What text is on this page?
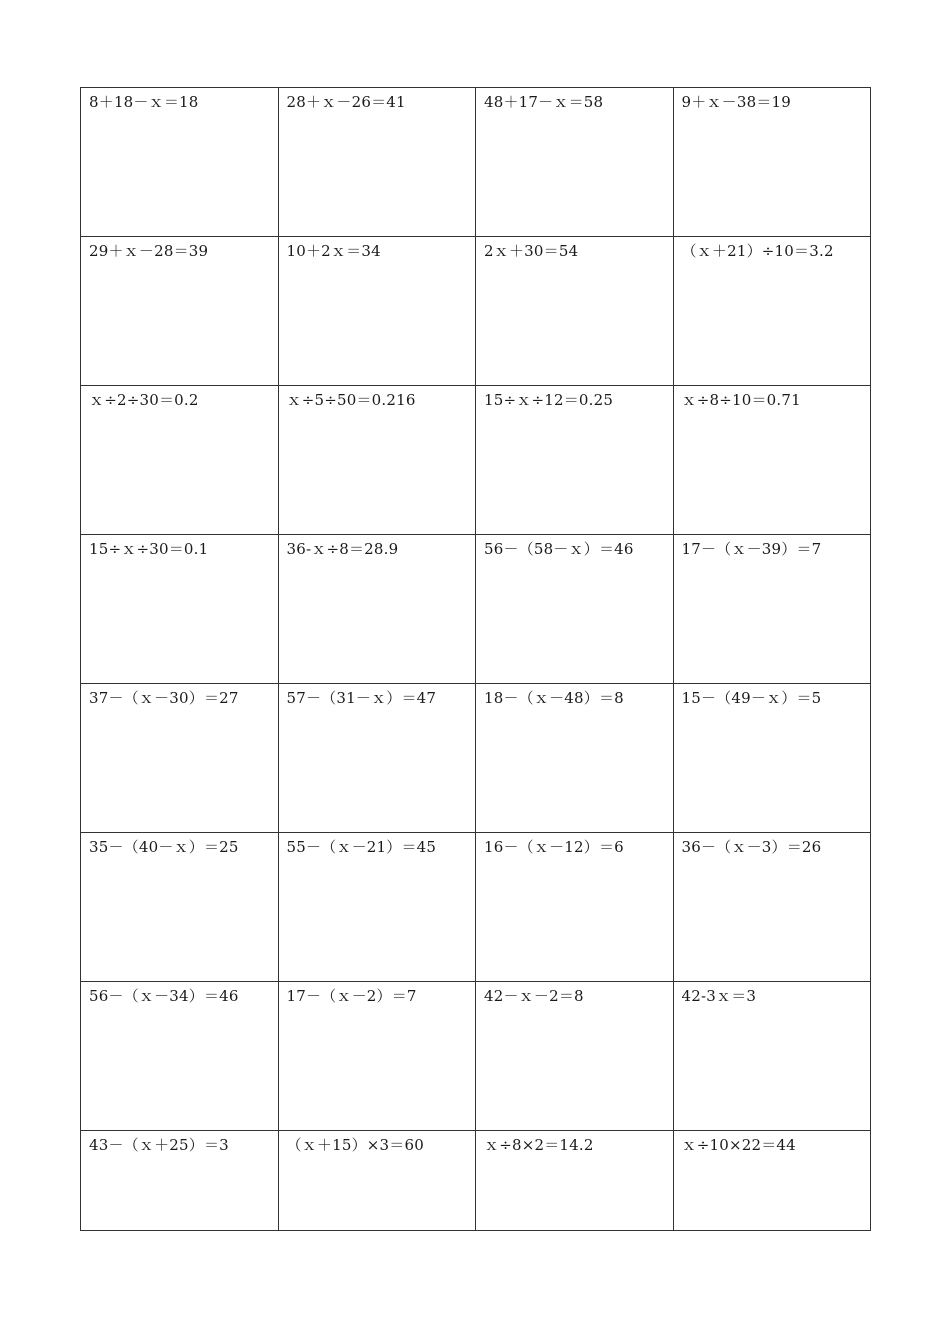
8＋18－ｘ＝18	28＋ｘ－26＝41	48＋17－ｘ＝58	9＋ｘ－38＝19

29＋ｘ－28＝39	10＋2ｘ＝34	2ｘ＋30＝54	（ｘ＋21）÷10＝3.2

ｘ÷2÷30＝0.2	ｘ÷5÷50＝0.216	15÷ｘ÷12＝0.25	ｘ÷8÷10＝0.71

15÷ｘ÷30＝0.1	36-ｘ÷8＝28.9	56－（58－ｘ）＝46	17－（ｘ－39）＝7

37－（ｘ－30）＝27	57－（31－ｘ）＝47	18－（ｘ－48）＝8	15－（49－ｘ）＝5

35－（40－ｘ）＝25	55－（ｘ－21）＝45	16－（ｘ－12）＝6	36－（ｘ－3）＝26

56－（ｘ－34）＝46	17－（ｘ－2）＝7	42－ｘ－2＝8	42-3ｘ＝3

43－（ｘ＋25）＝3	（ｘ＋15）×3＝60	ｘ÷8×2＝14.2	ｘ÷10×22＝44
